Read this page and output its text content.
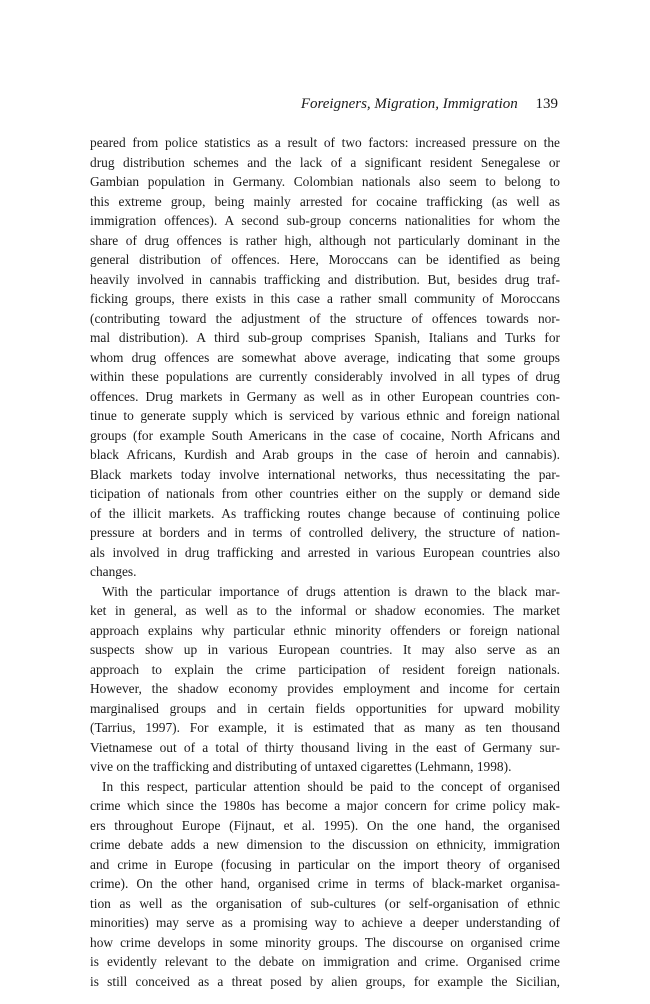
Foreigners, Migration, Immigration 139
peared from police statistics as a result of two factors: increased pressure on the
drug distribution schemes and the lack of a significant resident Senegalese or
Gambian population in Germany. Colombian nationals also seem to belong to
this extreme group, being mainly arrested for cocaine trafficking (as well as
immigration offences). A second sub-group concerns nationalities for whom the
share of drug offences is rather high, although not particularly dominant in the
general distribution of offences. Here, Moroccans can be identified as being
heavily involved in cannabis trafficking and distribution. But, besides drug traf-
ficking groups, there exists in this case a rather small community of Moroccans
(contributing toward the adjustment of the structure of offences towards nor-
mal distribution). A third sub-group comprises Spanish, Italians and Turks for
whom drug offences are somewhat above average, indicating that some groups
within these populations are currently considerably involved in all types of drug
offences. Drug markets in Germany as well as in other European countries con-
tinue to generate supply which is serviced by various ethnic and foreign national
groups (for example South Americans in the case of cocaine, North Africans and
black Africans, Kurdish and Arab groups in the case of heroin and cannabis).
Black markets today involve international networks, thus necessitating the par-
ticipation of nationals from other countries either on the supply or demand side
of the illicit markets. As trafficking routes change because of continuing police
pressure at borders and in terms of controlled delivery, the structure of nation-
als involved in drug trafficking and arrested in various European countries also
changes.
With the particular importance of drugs attention is drawn to the black mar-
ket in general, as well as to the informal or shadow economies. The market
approach explains why particular ethnic minority offenders or foreign national
suspects show up in various European countries. It may also serve as an
approach to explain the crime participation of resident foreign nationals.
However, the shadow economy provides employment and income for certain
marginalised groups and in certain fields opportunities for upward mobility
(Tarrius, 1997). For example, it is estimated that as many as ten thousand
Vietnamese out of a total of thirty thousand living in the east of Germany sur-
vive on the trafficking and distributing of untaxed cigarettes (Lehmann, 1998).
In this respect, particular attention should be paid to the concept of organised
crime which since the 1980s has become a major concern for crime policy mak-
ers throughout Europe (Fijnaut, et al. 1995). On the one hand, the organised
crime debate adds a new dimension to the discussion on ethnicity, immigration
and crime in Europe (focusing in particular on the import theory of organised
crime). On the other hand, organised crime in terms of black-market organisa-
tion as well as the organisation of sub-cultures (or self-organisation of ethnic
minorities) may serve as a promising way to achieve a deeper understanding of
how crime develops in some minority groups. The discourse on organised crime
is evidently relevant to the debate on immigration and crime. Organised crime
is still conceived as a threat posed by alien groups, for example the Sicilian,
